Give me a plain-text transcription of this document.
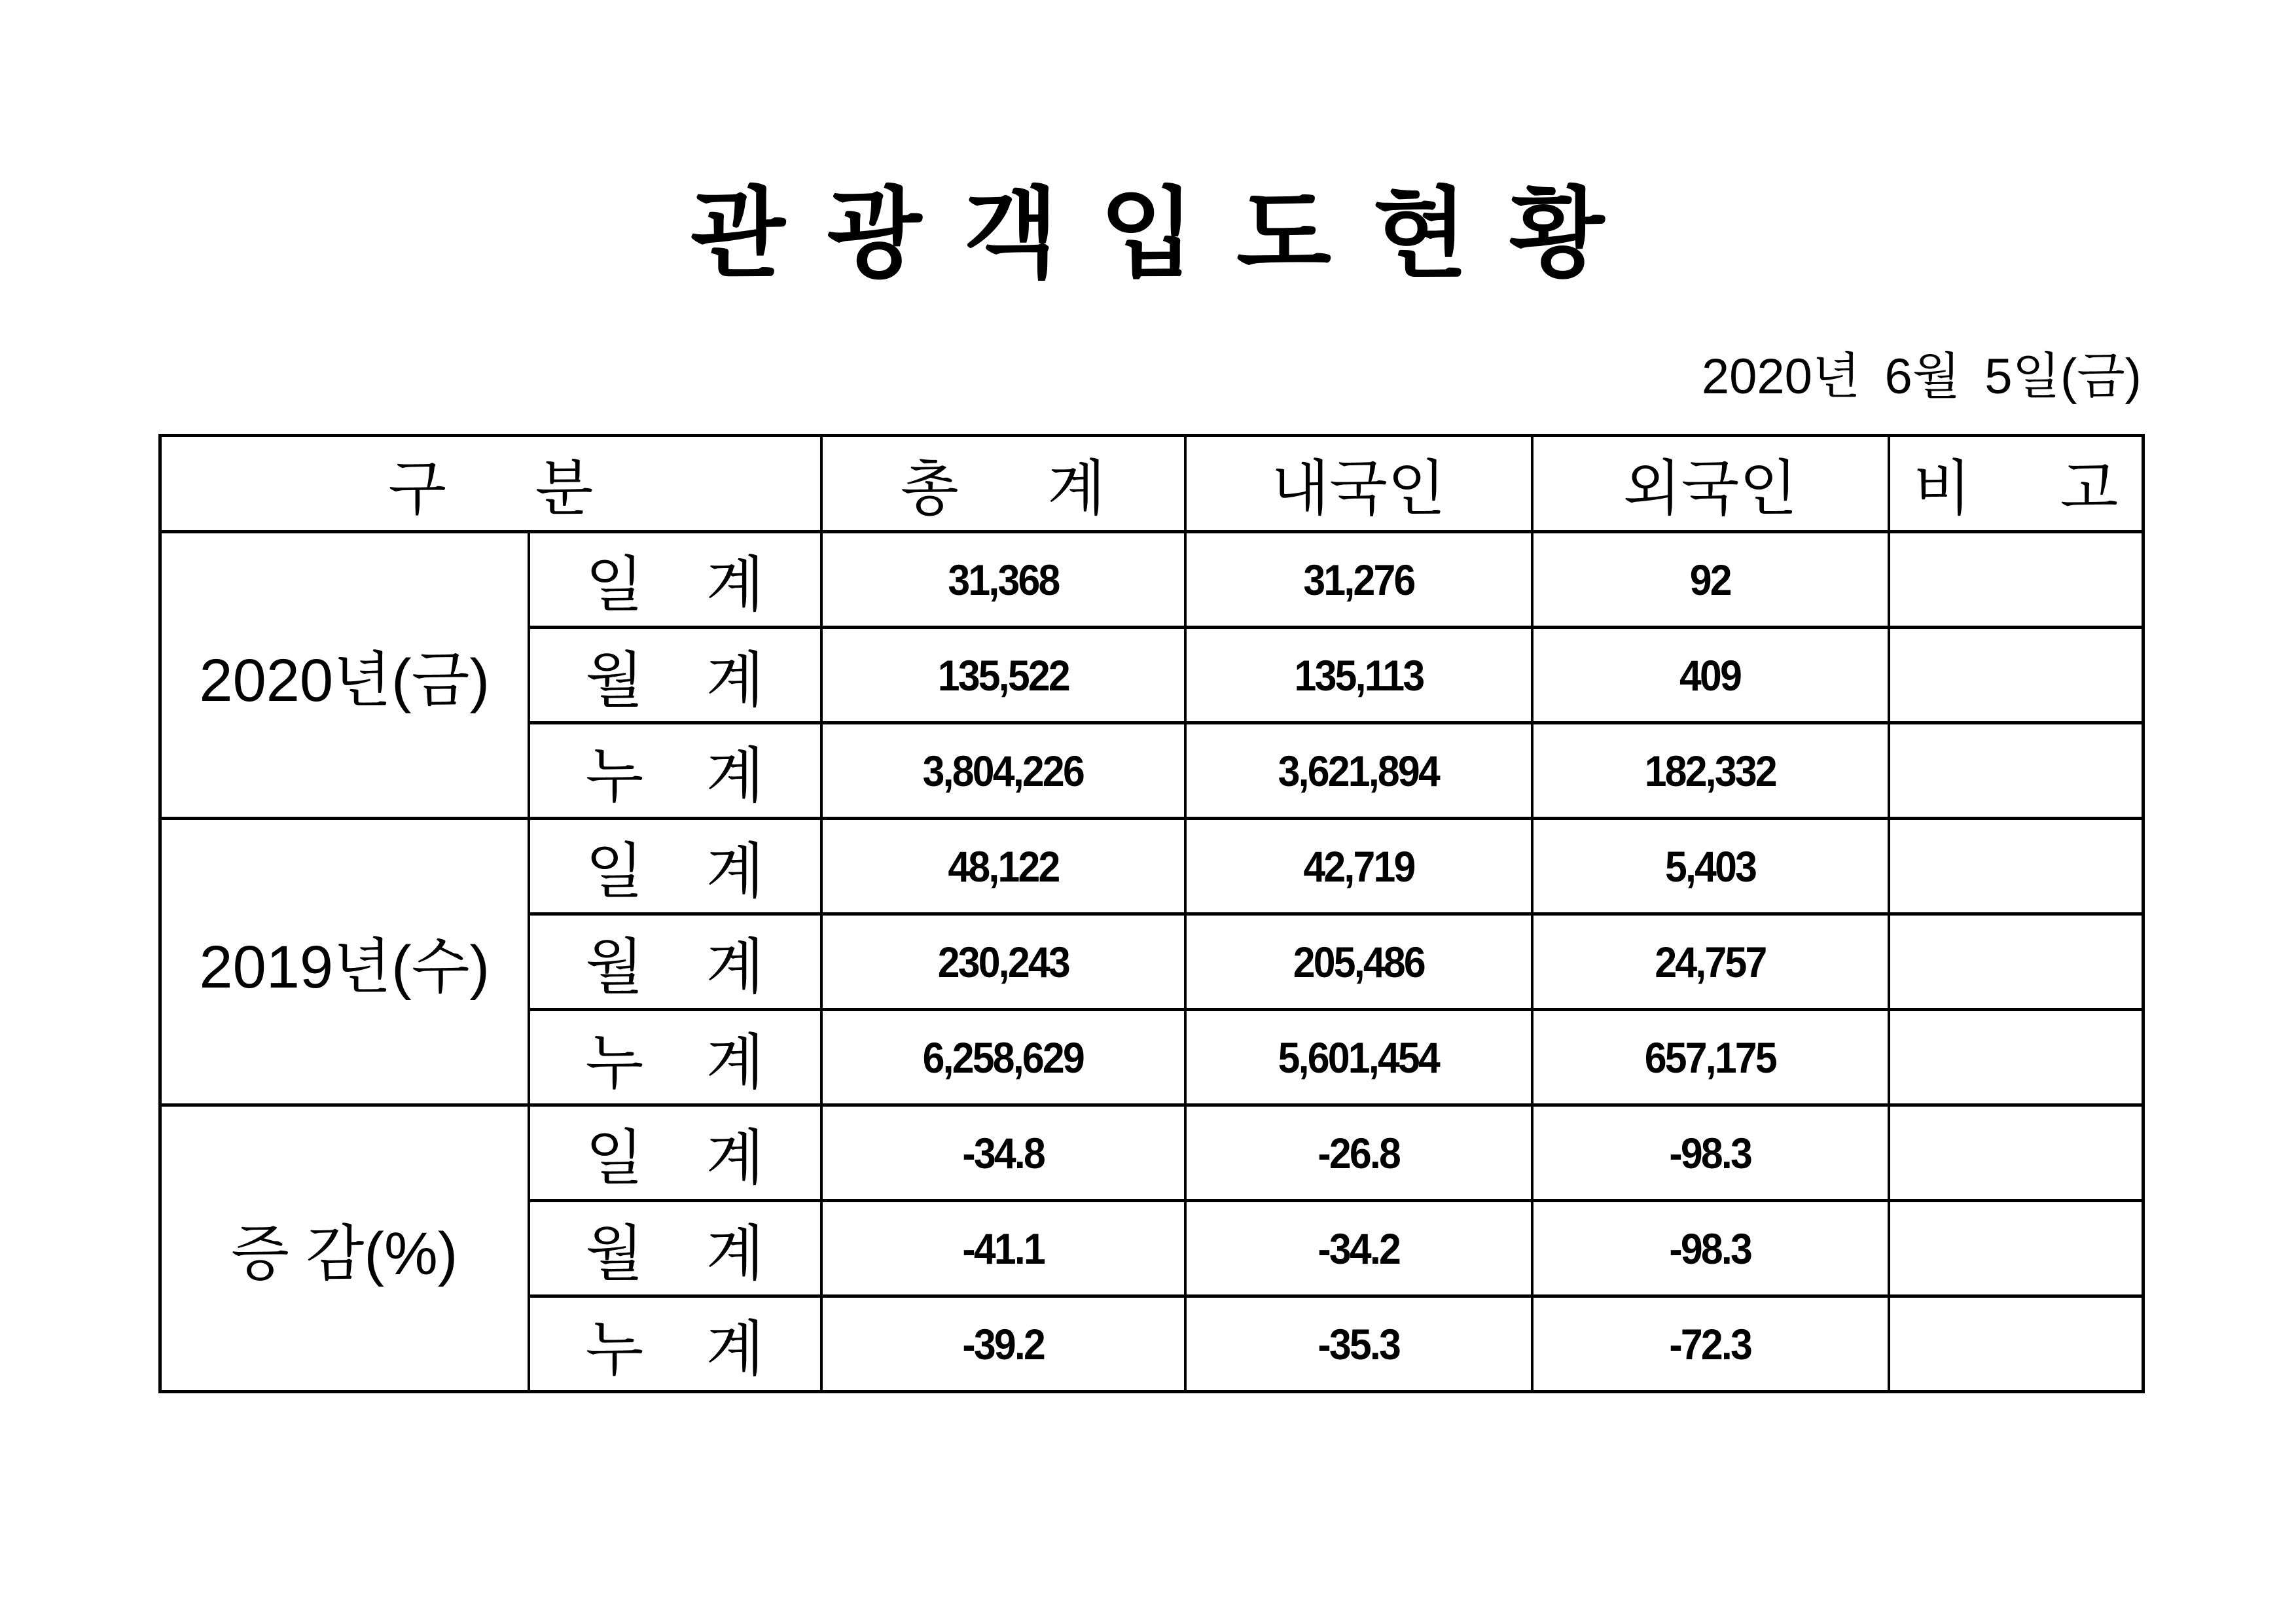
관 광 객 입 도 현 황
2020년 6월 5일(금)
구 분		총 계	내국인	외국인	비 고
2020년(금)	일 계	31,368	31,276	92	
	월 계	135,522	135,113	409	
	누 계	3,804,226	3,621,894	182,332	
2019년(수)	일 계	48,122	42,719	5,403	
	월 계	230,243	205,486	24,757	
	누 계	6,258,629	5,601,454	657,175	
증 감(%)	일 계	-34.8	-26.8	-98.3	
	월 계	-41.1	-34.2	-98.3	
	누 계	-39.2	-35.3	-72.3	
